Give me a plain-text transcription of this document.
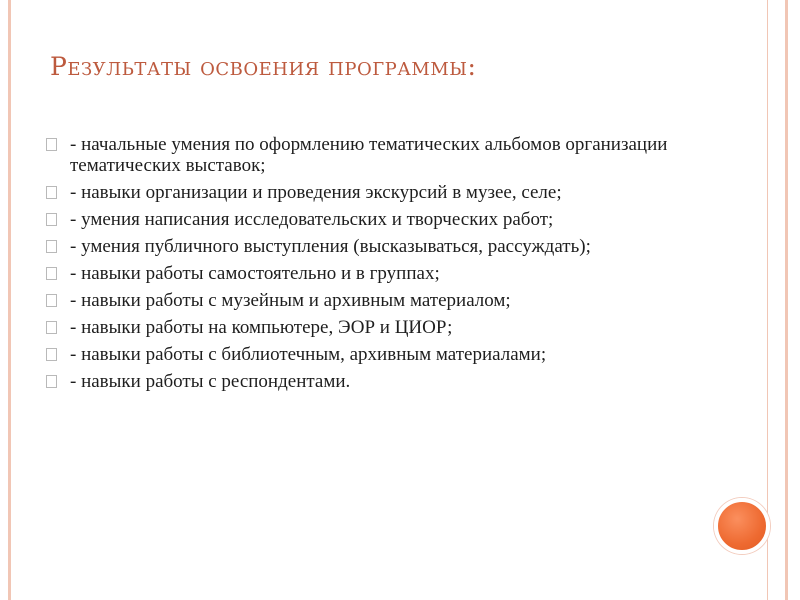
Результаты освоения программы:
- начальные умения по оформлению тематических альбомов организации тематических выставок;
- навыки организации и проведения экскурсий в музее, селе;
- умения написания исследовательских и творческих работ;
- умения публичного выступления (высказываться, рассуждать);
- навыки работы самостоятельно и в группах;
- навыки работы с музейным и архивным материалом;
- навыки работы на компьютере, ЭОР и ЦИОР;
- навыки работы с библиотечным, архивным материалами;
- навыки работы с респондентами.
